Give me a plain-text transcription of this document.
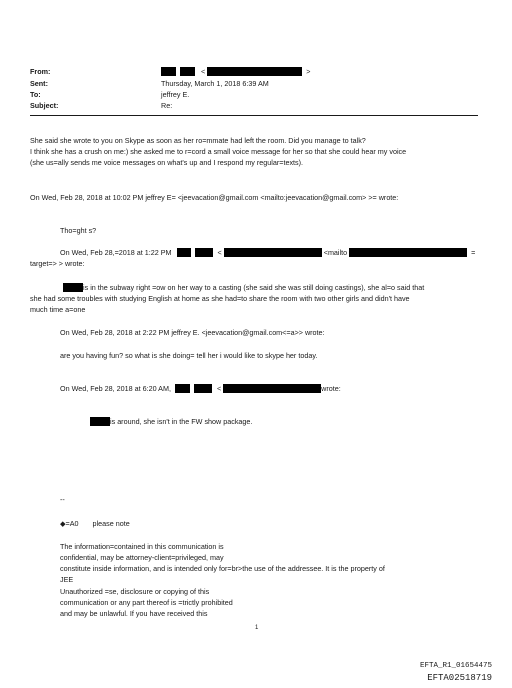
From:	<	>
Sent:	Thursday, March 1, 2018 6:39 AM
To:	jeffrey E.
Subject:	Re:
She said she wrote to you on Skype as soon as her ro=mmate had left the room. Did you manage to talk?
I think she has a crush on me:) she asked me to r=cord a small voice message for her so that she could hear my voice
(she us=ally sends me voice messages on what's up and I respond my regular=texts).
On Wed, Feb 28, 2018 at 10:02 PM jeffrey E= <jeevacation@gmail.com <mailto:jeevacation@gmail.com> >= wrote:
Tho=ght s?
On Wed, Feb 28,=2018 at 1:22 PM	<	<mailto	=
target=> > wrote:
is in the subway right =ow on her way to a casting (she said she was still doing castings), she al=o said that
she had some troubles with studying English at home as she had=to share the room with two other girls and didn't have
much time a=one
On Wed, Feb 28, 2018 at 2:22 PM jeffrey E. <jeevacation@gmail.com<=a>> wrote:
are you having fun? so what is she doing= tell her i would like to skype her today.
On Wed, Feb 28, 2018 at 6:20 AM,	<	wrote:
is around, she isn't in the FW show package.
--
◆=A0 please note
The information=contained in this communication is
confidential, may be attorney-client=privileged, may
constitute inside information, and is intended only for=br>the use of the addressee. It is the property of
JEE
Unauthorized =se, disclosure or copying of this
communication or any part thereof is =trictly prohibited
and may be unlawful. If you have received this
1
EFTA_R1_01654475
EFTA02518719
